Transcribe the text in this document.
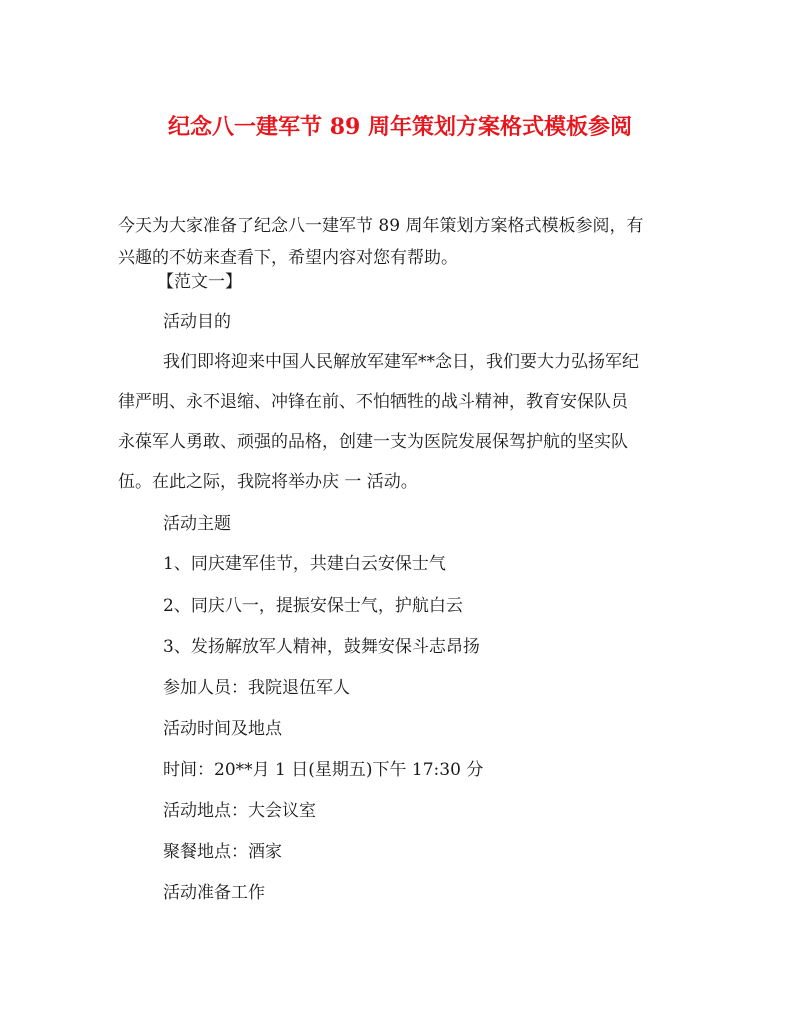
纪念八一建军节 89 周年策划方案格式模板参阅
今天为大家准备了纪念八一建军节 89 周年策划方案格式模板参阅，有
兴趣的不妨来查看下，希望内容对您有帮助。
【范文一】
活动目的
我们即将迎来中国人民解放军建军**念日，我们要大力弘扬军纪
律严明、永不退缩、冲锋在前、不怕牺牲的战斗精神，教育安保队员
永葆军人勇敢、顽强的品格，创建一支为医院发展保驾护航的坚实队
伍。在此之际，我院将举办庆 一 活动。
活动主题
1、同庆建军佳节，共建白云安保士气
2、同庆八一，提振安保士气，护航白云
3、发扬解放军人精神，鼓舞安保斗志昂扬
参加人员：我院退伍军人
活动时间及地点
时间：20**月 1 日(星期五)下午 17:30 分
活动地点：大会议室
聚餐地点：酒家
活动准备工作
